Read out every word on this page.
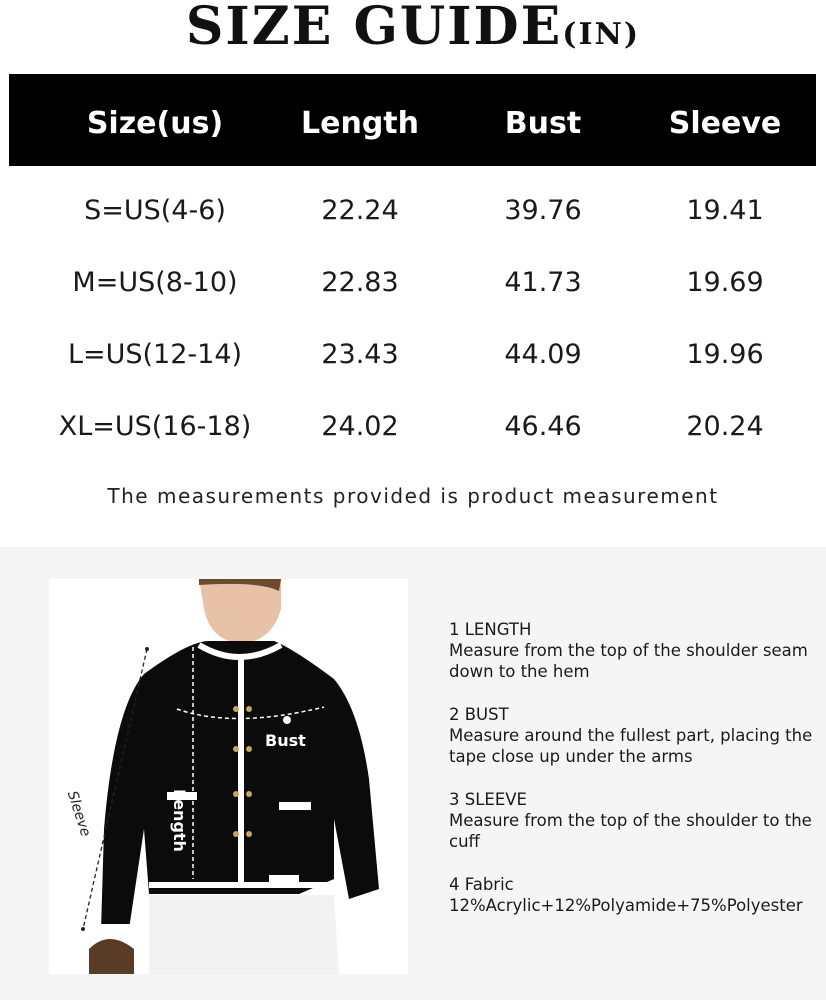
SIZE GUIDE(IN)
Size(us)	Length	Bust	Sleeve
S=US(4-6)	22.24	39.76	19.41
M=US(8-10)	22.83	41.73	19.69
L=US(12-14)	23.43	44.09	19.96
XL=US(16-18)	24.02	46.46	20.24
The measurements provided is product measurement
Bust
Length
Sleeve
1 LENGTH
Measure from the top of the shoulder seam down to the hem
2 BUST
Measure around the fullest part, placing the tape close up under the arms
3 SLEEVE
Measure from the top of the shoulder to the cuff
4 Fabric
12%Acrylic+12%Polyamide+75%Polyester
